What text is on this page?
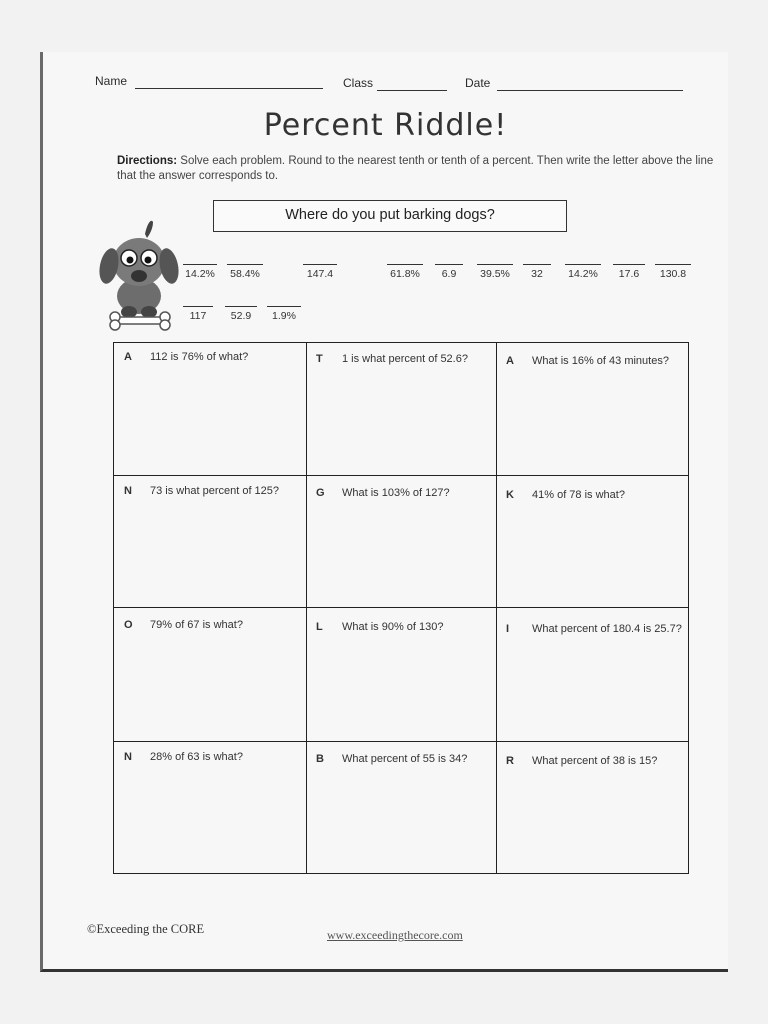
Name	Class	Date
Percent Riddle!
Directions: Solve each problem. Round to the nearest tenth or tenth of a percent. Then write the letter above the line that the answer corresponds to.
Where do you put barking dogs?
14.2% 58.4%	147.4	61.8%	6.9	39.5%	32	14.2%	17.6	130.8
117	52.9	1.9%
A 112 is 76% of what?	T 1 is what percent of 52.6?	A What is 16% of 43 minutes?
N 73 is what percent of 125?	G What is 103% of 127?	K 41% of 78 is what?
O 79% of 67 is what?	L What is 90% of 130?	I What percent of 180.4 is 25.7?
N 28% of 63 is what?	B What percent of 55 is 34?	R What percent of 38 is 15?
©Exceeding the CORE	www.exceedingthecore.com
